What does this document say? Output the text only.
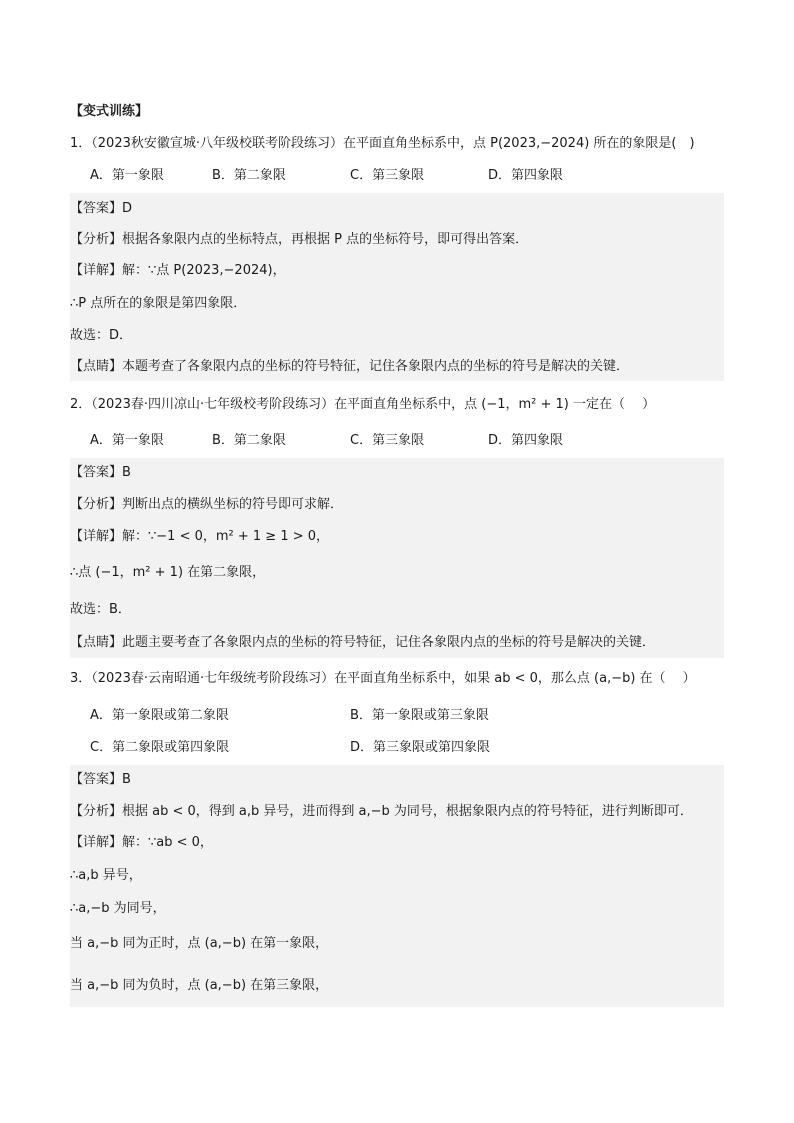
【变式训练】
1．（2023秋安徽宣城·八年级校联考阶段练习）在平面直角坐标系中，点 P(2023,−2024) 所在的象限是(　)
A．第一象限	B．第二象限	C．第三象限	D．第四象限
【答案】D
【分析】根据各象限内点的坐标特点，再根据 P 点的坐标符号，即可得出答案．
【详解】解：∵点 P(2023,−2024)，
∴P 点所在的象限是第四象限．
故选：D．
【点睛】本题考查了各象限内点的坐标的符号特征，记住各象限内点的坐标的符号是解决的关键．
2．（2023春·四川凉山·七年级校考阶段练习）在平面直角坐标系中，点 (−1，m² + 1) 一定在（　 ）
A．第一象限	B．第二象限	C．第三象限	D．第四象限
【答案】B
【分析】判断出点的横纵坐标的符号即可求解．
【详解】解：∵−1 < 0，m² + 1 ≥ 1 > 0，
∴点 (−1，m² + 1) 在第二象限，
故选：B．
【点睛】此题主要考查了各象限内点的坐标的符号特征，记住各象限内点的坐标的符号是解决的关键．
3．（2023春·云南昭通·七年级统考阶段练习）在平面直角坐标系中，如果 ab < 0，那么点 (a,−b) 在（　 ）
A．第一象限或第二象限	B．第一象限或第三象限
C．第二象限或第四象限	D．第三象限或第四象限
【答案】B
【分析】根据 ab < 0，得到 a,b 异号，进而得到 a,−b 为同号，根据象限内点的符号特征，进行判断即可．
【详解】解：∵ab < 0，
∴a,b 异号，
∴a,−b 为同号，
当 a,−b 同为正时，点 (a,−b) 在第一象限，
当 a,−b 同为负时，点 (a,−b) 在第三象限，
